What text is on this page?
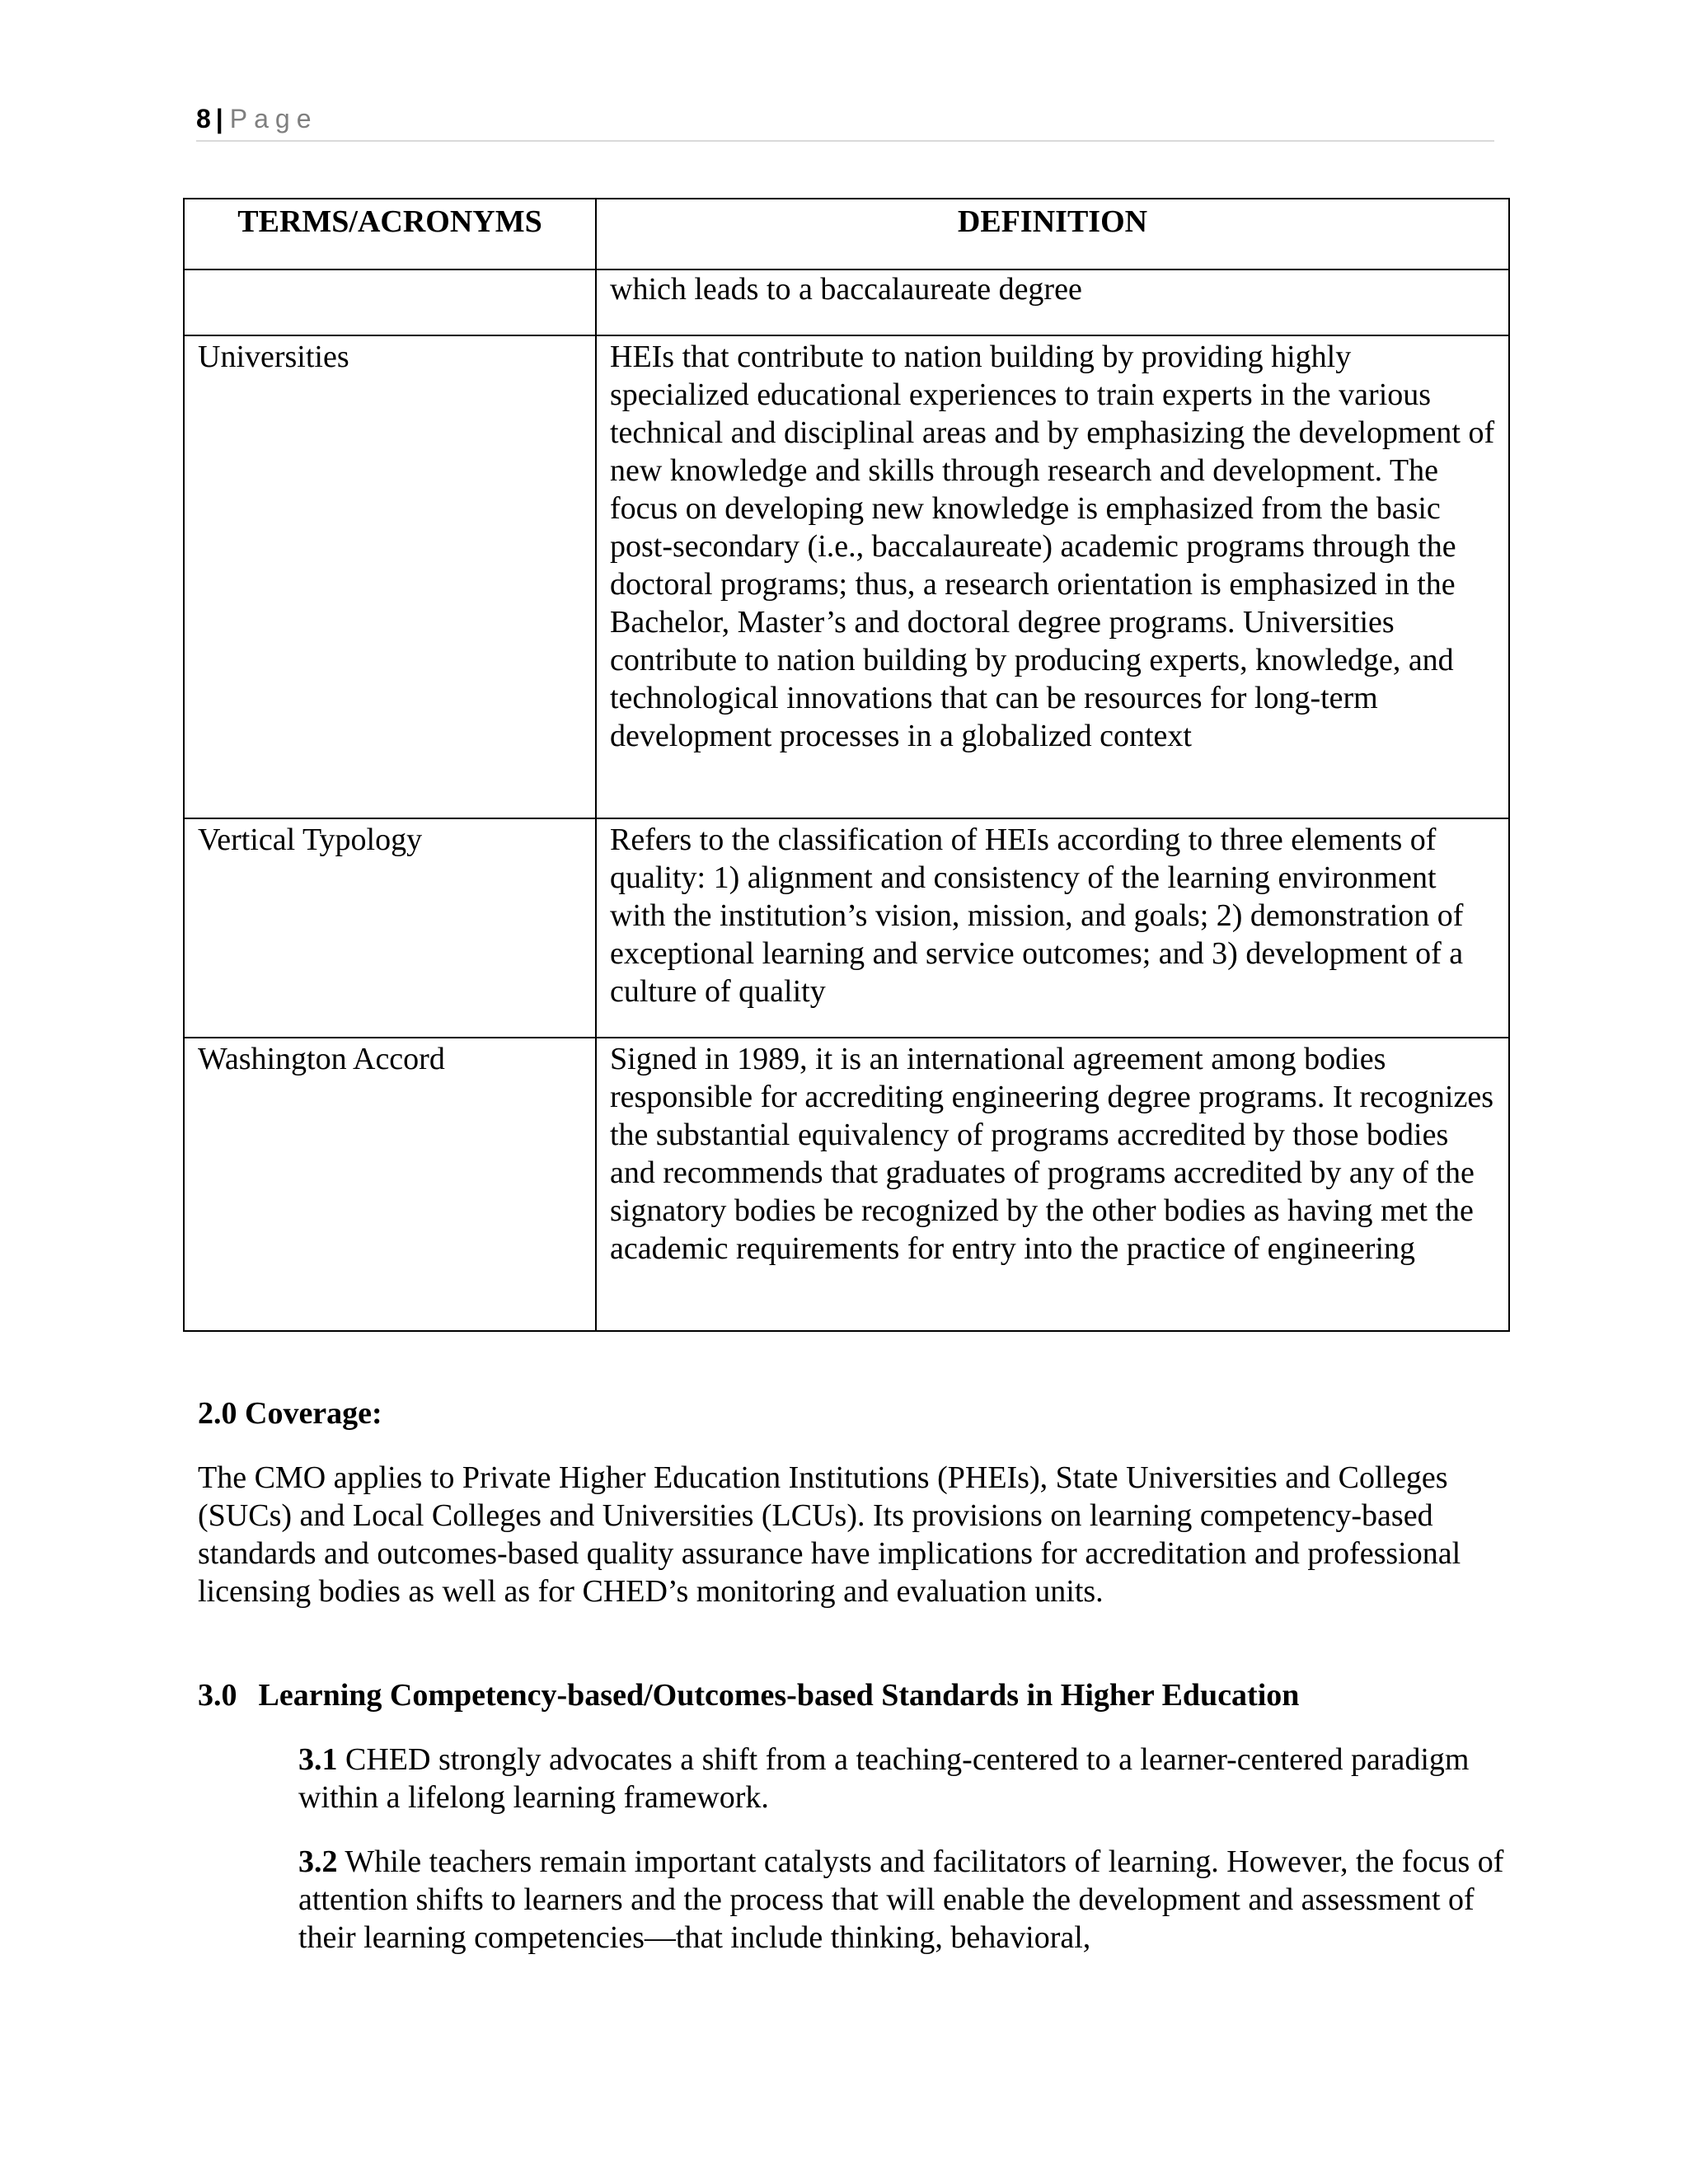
8 | Page
TERMS/ACRONYMS	DEFINITION
	which leads to a baccalaureate degree
Universities	HEIs that contribute to nation building by providing highly specialized educational experiences to train experts in the various technical and disciplinal areas and by emphasizing the development of new knowledge and skills through research and development. The focus on developing new knowledge is emphasized from the basic post-secondary (i.e., baccalaureate) academic programs through the doctoral programs; thus, a research orientation is emphasized in the Bachelor, Master’s and doctoral degree programs. Universities contribute to nation building by producing experts, knowledge, and technological innovations that can be resources for long-term development processes in a globalized context
Vertical Typology	Refers to the classification of HEIs according to three elements of quality: 1) alignment and consistency of the learning environment with the institution’s vision, mission, and goals; 2) demonstration of exceptional learning and service outcomes; and 3) development of a culture of quality
Washington Accord	Signed in 1989, it is an international agreement among bodies responsible for accrediting engineering degree programs. It recognizes the substantial equivalency of programs accredited by those bodies and recommends that graduates of programs accredited by any of the signatory bodies be recognized by the other bodies as having met the academic requirements for entry into the practice of engineering
2.0 Coverage:
The CMO applies to Private Higher Education Institutions (PHEIs), State Universities and Colleges (SUCs) and Local Colleges and Universities (LCUs). Its provisions on learning competency-based standards and outcomes-based quality assurance have implications for accreditation and professional licensing bodies as well as for CHED’s monitoring and evaluation units.
3.0 Learning Competency-based/Outcomes-based Standards in Higher Education
3.1 CHED strongly advocates a shift from a teaching-centered to a learner-centered paradigm within a lifelong learning framework.
3.2 While teachers remain important catalysts and facilitators of learning. However, the focus of attention shifts to learners and the process that will enable the development and assessment of their learning competencies—that include thinking, behavioral,
